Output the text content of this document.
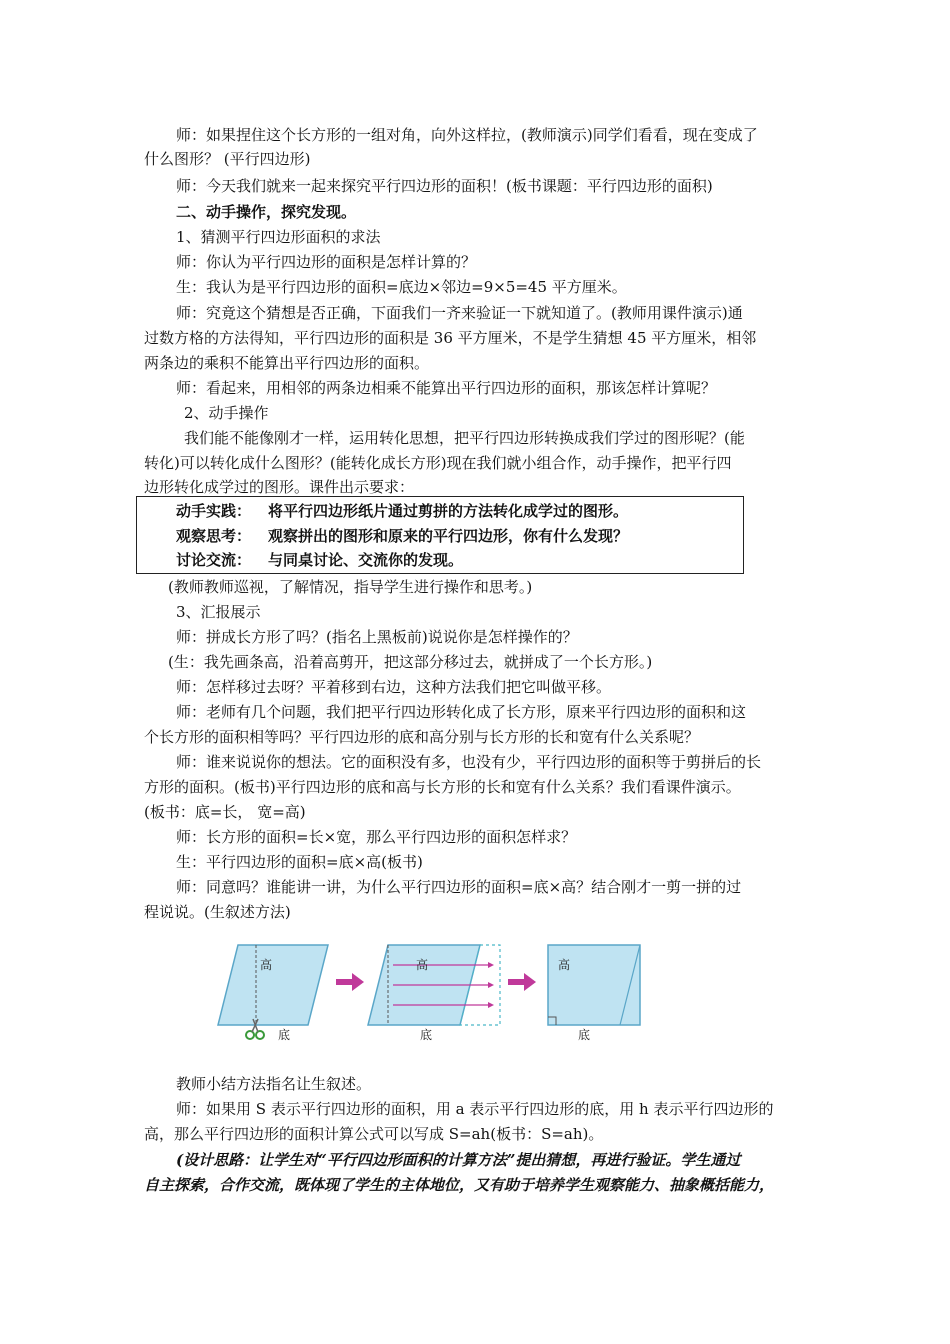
师：如果捏住这个长方形的一组对角，向外这样拉，(教师演示)同学们看看，现在变成了
什么图形？ (平行四边形)
师：今天我们就来一起来探究平行四边形的面积！(板书课题：平行四边形的面积)
二、动手操作，探究发现。
1、猜测平行四边形面积的求法
师：你认为平行四边形的面积是怎样计算的？
生：我认为是平行四边形的面积=底边×邻边=9×5=45 平方厘米。
师：究竟这个猜想是否正确，下面我们一齐来验证一下就知道了。(教师用课件演示)通
过数方格的方法得知，平行四边形的面积是 36 平方厘米，不是学生猜想 45 平方厘米，相邻
两条边的乘积不能算出平行四边形的面积。
师：看起来，用相邻的两条边相乘不能算出平行四边形的面积，那该怎样计算呢？
2、动手操作
我们能不能像刚才一样，运用转化思想，把平行四边形转换成我们学过的图形呢？(能
转化)可以转化成什么图形？(能转化成长方形)现在我们就小组合作，动手操作，把平行四
边形转化成学过的图形。课件出示要求：
动手实践： 将平行四边形纸片通过剪拼的方法转化成学过的图形。
观察思考： 观察拼出的图形和原来的平行四边形，你有什么发现？
讨论交流： 与同桌讨论、交流你的发现。
(教师教师巡视，了解情况，指导学生进行操作和思考。)
3、汇报展示
师：拼成长方形了吗？(指名上黑板前)说说你是怎样操作的？
(生：我先画条高，沿着高剪开，把这部分移过去，就拼成了一个长方形。)
师：怎样移过去呀？平着移到右边，这种方法我们把它叫做平移。
师：老师有几个问题，我们把平行四边形转化成了长方形，原来平行四边形的面积和这
个长方形的面积相等吗？平行四边形的底和高分别与长方形的长和宽有什么关系呢？
师：谁来说说你的想法。它的面积没有多，也没有少，平行四边形的面积等于剪拼后的长
方形的面积。(板书)平行四边形的底和高与长方形的长和宽有什么关系？我们看课件演示。
(板书：底=长， 宽=高)
师：长方形的面积=长×宽，那么平行四边形的面积怎样求？
生：平行四边形的面积=底×高(板书)
师：同意吗？谁能讲一讲，为什么平行四边形的面积=底×高？结合刚才一剪一拼的过
程说说。(生叙述方法)
高
底
高
底
高
底
教师小结方法指名让生叙述。
师：如果用 S 表示平行四边形的面积，用 a 表示平行四边形的底，用 h 表示平行四边形的
高，那么平行四边形的面积计算公式可以写成 S=ah(板书：S=ah)。
(设计思路：让学生对“平行四边形面积的计算方法”提出猜想，再进行验证。学生通过
自主探索，合作交流，既体现了学生的主体地位，又有助于培养学生观察能力、抽象概括能力，
